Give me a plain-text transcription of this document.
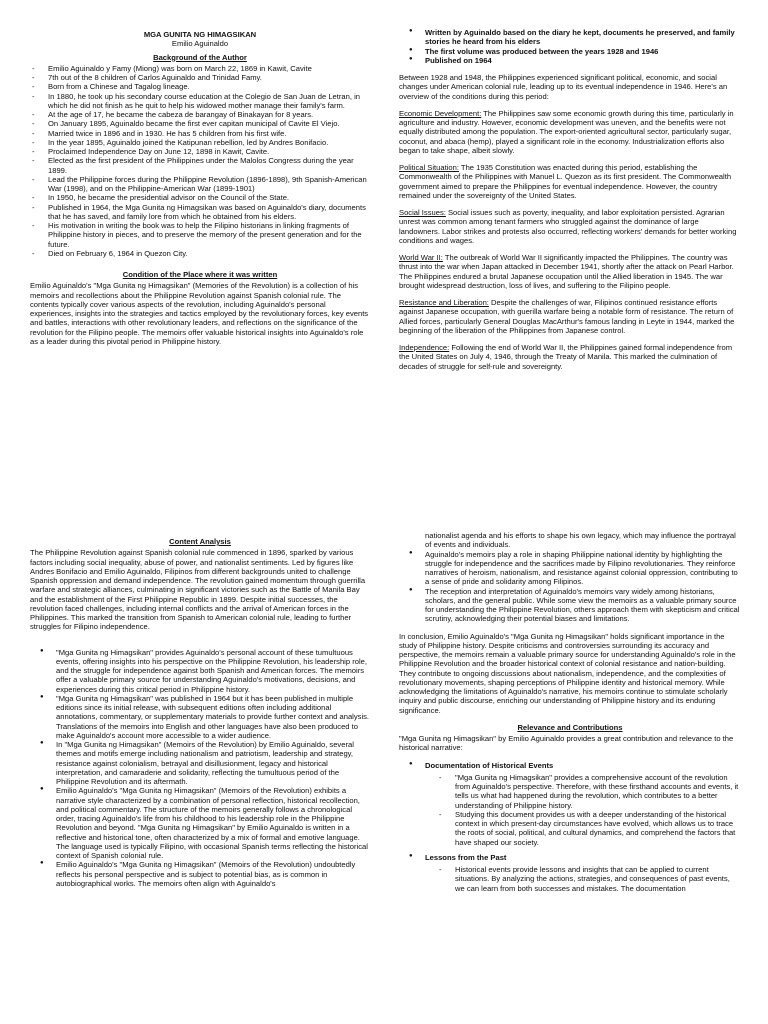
MGA GUNITA NG HIMAGSIKAN
Emilio Aguinaldo
Background of the Author
- Emilio Aguinaldo y Famy (Miong) was born on March 22, 1869 in Kawit, Cavite
- 7th out of the 8 children of Carlos Aguinaldo and Trinidad Famy.
- Born from a Chinese and Tagalog lineage.
- In 1880, he took up his secondary course education at the Colegio de San Juan de Letran, in which he did not finish as he quit to help his widowed mother manage their family's farm.
- At the age of 17, he became the cabeza de barangay of Binakayan for 8 years.
- On January 1895, Aguinaldo became the first ever capitan municipal of Cavite El Viejo.
- Married twice in 1896 and in 1930. He has 5 children from his first wife.
- In the year 1895, Aguinaldo joined the Katipunan rebellion, led by Andres Bonifacio.
- Proclaimed Independence Day on June 12, 1898 in Kawit, Cavite.
- Elected as the first president of the Philippines under the Malolos Congress during the year 1899.
- Lead the Philippine forces during the Philippine Revolution (1896-1898), 9th Spanish-American War (1998), and on the Philippine-American War (1899-1901)
- In 1950, he became the presidential advisor on the Council of the State.
- Published in 1964, the Mga Gunita ng Himagsikan was based on Aguinaldo's diary, documents that he has saved, and family lore from which he obtained from his elders.
- His motivation in writing the book was to help the Filipino historians in linking fragments of Philippine history in pieces, and to preserve the memory of the present generation and for the future.
- Died on February 6, 1964 in Quezon City.
Condition of the Place where it was written

Emilio Aguinaldo's "Mga Gunita ng Himagsikan" (Memories of the Revolution) is a collection of his memoirs and recollections about the Philippine Revolution against Spanish colonial rule. The contents typically cover various aspects of the revolution, including Aguinaldo's personal experiences, insights into the strategies and tactics employed by the revolutionary forces, key events and battles, interactions with other revolutionary leaders, and reflections on the significance of the revolution for the Filipino people. The memoirs offer valuable historical insights into Aguinaldo's role as a leader during this pivotal period in Philippine history.

● Written by Aguinaldo based on the diary he kept, documents he preserved, and family stories he heard from his elders
● The first volume was produced between the years 1928 and 1946
● Published on 1964

Between 1928 and 1948, the Philippines experienced significant political, economic, and social changes under American colonial rule, leading up to its eventual independence in 1946. Here's an overview of the conditions during this period:

Economic Development: The Philippines saw some economic growth during this time, particularly in agriculture and industry. However, economic development was uneven, and the benefits were not equally distributed among the population. The export-oriented agricultural sector, particularly sugar, coconut, and abaca (hemp), played a significant role in the economy. Industrialization efforts also began to take shape, albeit slowly.

Political Situation: The 1935 Constitution was enacted during this period, establishing the Commonwealth of the Philippines with Manuel L. Quezon as its first president. The Commonwealth government aimed to prepare the Philippines for eventual independence. However, the country remained under the sovereignty of the United States.

Social Issues: Social issues such as poverty, inequality, and labor exploitation persisted. Agrarian unrest was common among tenant farmers who struggled against the dominance of large landowners. Labor strikes and protests also occurred, reflecting workers' demands for better working conditions and wages.

World War II: The outbreak of World War II significantly impacted the Philippines. The country was thrust into the war when Japan attacked in December 1941, shortly after the attack on Pearl Harbor. The Philippines endured a brutal Japanese occupation until the Allied liberation in 1945. The war brought widespread destruction, loss of lives, and suffering to the Filipino people.

Resistance and Liberation: Despite the challenges of war, Filipinos continued resistance efforts against Japanese occupation, with guerilla warfare being a notable form of resistance. The return of Allied forces, particularly General Douglas MacArthur's famous landing in Leyte in 1944, marked the beginning of the liberation of the Philippines from Japanese control.

Independence: Following the end of World War II, the Philippines gained formal independence from the United States on July 4, 1946, through the Treaty of Manila. This marked the culmination of decades of struggle for self-rule and sovereignty.

Content Analysis

The Philippine Revolution against Spanish colonial rule commenced in 1896, sparked by various factors including social inequality, abuse of power, and nationalist sentiments. Led by figures like Andres Bonifacio and Emilio Aguinaldo, Filipinos from different backgrounds united to challenge Spanish oppression and demand independence. The revolution gained momentum through guerrilla warfare and strategic alliances, culminating in significant victories such as the Battle of Manila Bay and the establishment of the First Philippine Republic in 1899. Despite initial successes, the revolution faced challenges, including internal conflicts and the arrival of American forces in the Philippines. This marked the transition from Spanish to American colonial rule, leading to further struggles for Filipino independence.

● "Mga Gunita ng Himagsikan" provides Aguinaldo's personal account of these tumultuous events, offering insights into his perspective on the Philippine Revolution, his leadership role, and the struggle for independence against both Spanish and American forces. The memoirs offer a valuable primary source for understanding Aguinaldo's motivations, decisions, and experiences during this critical period in Philippine history.
● "Mga Gunita ng Himagsikan" was published in 1964 but it has been published in multiple editions since its initial release, with subsequent editions often including additional annotations, commentary, or supplementary materials to provide further context and analysis. Translations of the memoirs into English and other languages have also been produced to make Aguinaldo's account more accessible to a wider audience.
● In "Mga Gunita ng Himagsikan" (Memoirs of the Revolution) by Emilio Aguinaldo, several themes and motifs emerge including nationalism and patriotism, leadership and strategy, resistance against colonialism, betrayal and disillusionment, legacy and historical interpretation, and camaraderie and solidarity, reflecting the tumultuous period of the Philippine Revolution and its aftermath.
● Emilio Aguinaldo's "Mga Gunita ng Himagsikan" (Memoirs of the Revolution) exhibits a narrative style characterized by a combination of personal reflection, historical recollection, and political commentary. The structure of the memoirs generally follows a chronological order, tracing Aguinaldo's life from his childhood to his leadership role in the Philippine Revolution and beyond. "Mga Gunita ng Himagsikan" by Emilio Aguinaldo is written in a reflective and historical tone, often characterized by a mix of formal and emotive language. The language used is typically Filipino, with occasional Spanish terms reflecting the historical context of Spanish colonial rule.
● Emilio Aguinaldo's "Mga Gunita ng Himagsikan" (Memoirs of the Revolution) undoubtedly reflects his personal perspective and is subject to potential bias, as is common in autobiographical works. The memoirs often align with Aguinaldo's
nationalist agenda and his efforts to shape his own legacy, which may influence the portrayal of events and individuals.
● Aguinaldo's memoirs play a role in shaping Philippine national identity by highlighting the struggle for independence and the sacrifices made by Filipino revolutionaries. They reinforce narratives of heroism, nationalism, and resistance against colonial oppression, contributing to a sense of pride and solidarity among Filipinos.
● The reception and interpretation of Aguinaldo's memoirs vary widely among historians, scholars, and the general public. While some view the memoirs as a valuable primary source for understanding the Philippine Revolution, others approach them with skepticism and critical scrutiny, acknowledging their potential biases and limitations.

In conclusion, Emilio Aguinaldo's "Mga Gunita ng Himagsikan" holds significant importance in the study of Philippine history. Despite criticisms and controversies surrounding its accuracy and perspective, the memoirs remain a valuable primary source for understanding Aguinaldo's role in the Philippine Revolution and the broader historical context of colonial resistance and nation-building. They contribute to ongoing discussions about nationalism, independence, and the complexities of revolutionary movements, shaping perceptions of Philippine identity and historical memory. While acknowledging the limitations of Aguinaldo's narrative, his memoirs continue to stimulate scholarly inquiry and public discourse, enriching our understanding of Philippine history and its enduring significance.

Relevance and Contributions

"Mga Gunita ng Himagsikan" by Emilio Aguinaldo provides a great contribution and relevance to the historical narrative:

● Documentation of Historical Events
- "Mga Gunita ng Himagsikan" provides a comprehensive account of the revolution from Aguinaldo's perspective. Therefore, with these firsthand accounts and events, it tells us what had happened during the revolution, which contributes to a better understanding of Philippine history.
- Studying this document provides us with a deeper understanding of the historical context in which present-day circumstances have evolved, which allows us to trace the roots of social, political, and cultural dynamics, and comprehend the factors that have shaped our society.
● Lessons from the Past
- Historical events provide lessons and insights that can be applied to current situations. By analyzing the actions, strategies, and consequences of past events, we can learn from both successes and mistakes. The documentation
